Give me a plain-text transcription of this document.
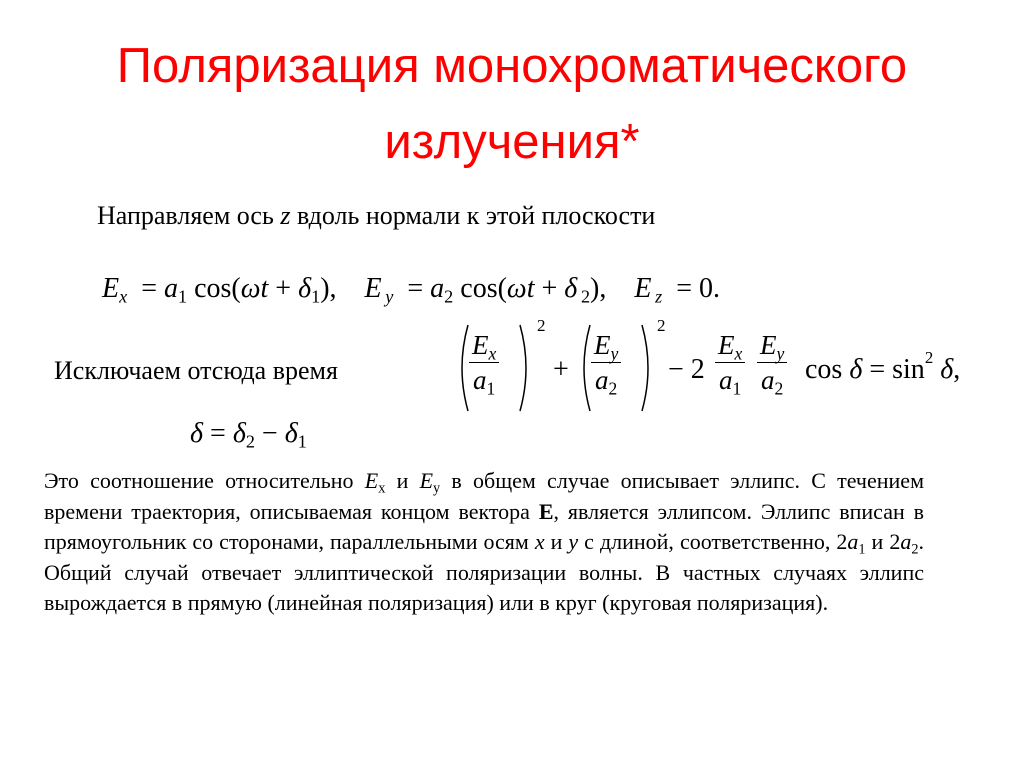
Поляризация монохроматического
излучения*
Направляем ось z вдоль нормали к этой плоскости
$E_x = a_1$ $\cos(\omega t + \delta_1)$,    E  $_y = a_2$ cos(ωt + δ $_2$),    E  $_z$  = 0.
Исключаем отсюда время	$\frac{E_x}{a_1}$
2
+ $\frac{E_y}{a_2}$
2
− $2 \frac{E_x}{a_1} \frac{E_y}{a_2}$ $\cos \delta = \sin^2 \delta$,
$\delta = \delta_2 - \delta_1$

Это соотношение относительно $E_x$ и $E_y$ в общем случае описывает эллипс. С течением времени траектория, описываемая концом вектора E, является эллипсом. Эллипс вписан в прямоугольник со сторонами, параллельными осям x и y с длиной, соответственно, $2a_1$ и $2a_2$. Общий случай отвечает эллиптической поляризации волны. В частных случаях эллипс вырождается в прямую (линейная поляризация) или в круг (круговая поляризация).
